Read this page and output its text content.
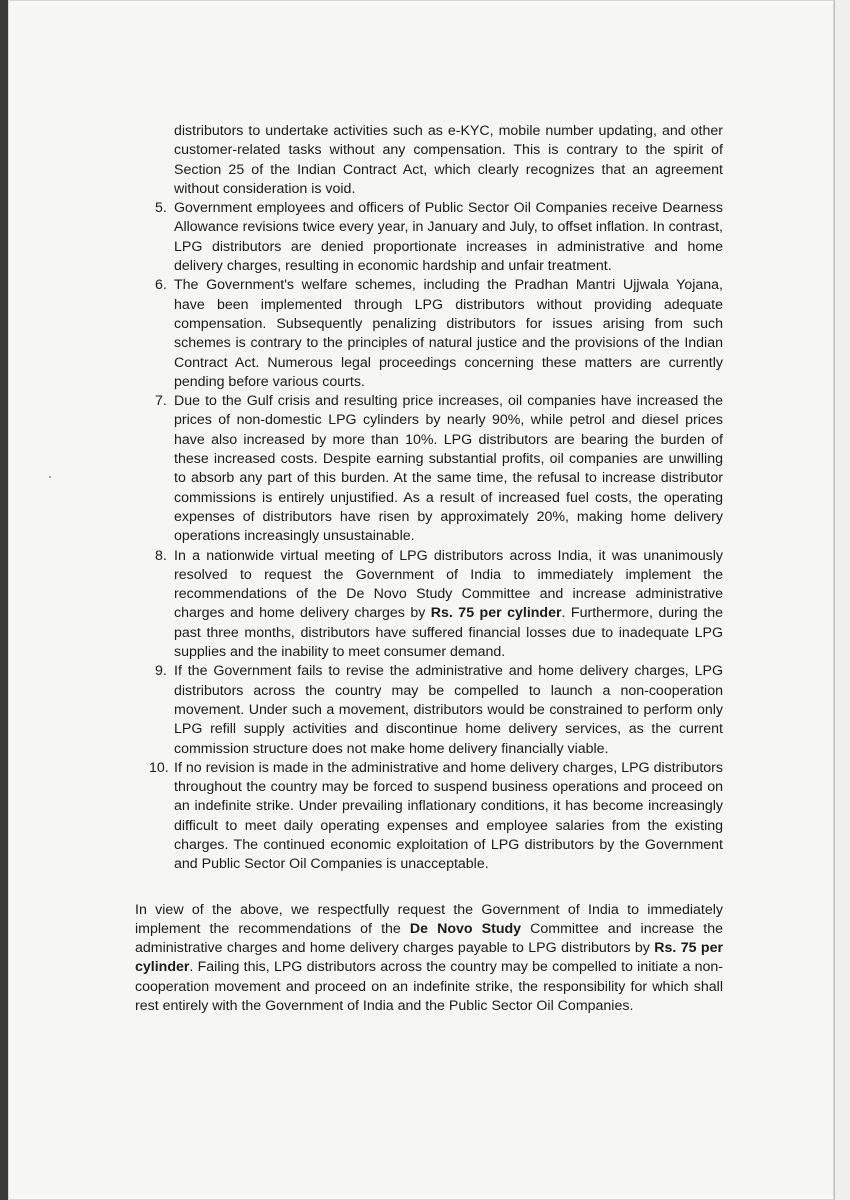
distributors to undertake activities such as e-KYC, mobile number updating, and other customer-related tasks without any compensation. This is contrary to the spirit of Section 25 of the Indian Contract Act, which clearly recognizes that an agreement without consideration is void.

5. Government employees and officers of Public Sector Oil Companies receive Dearness Allowance revisions twice every year, in January and July, to offset inflation. In contrast, LPG distributors are denied proportionate increases in administrative and home delivery charges, resulting in economic hardship and unfair treatment.
6. The Government's welfare schemes, including the Pradhan Mantri Ujjwala Yojana, have been implemented through LPG distributors without providing adequate compensation. Subsequently penalizing distributors for issues arising from such schemes is contrary to the principles of natural justice and the provisions of the Indian Contract Act. Numerous legal proceedings concerning these matters are currently pending before various courts.
7. Due to the Gulf crisis and resulting price increases, oil companies have increased the prices of non-domestic LPG cylinders by nearly 90%, while petrol and diesel prices have also increased by more than 10%. LPG distributors are bearing the burden of these increased costs. Despite earning substantial profits, oil companies are unwilling to absorb any part of this burden. At the same time, the refusal to increase distributor commissions is entirely unjustified. As a result of increased fuel costs, the operating expenses of distributors have risen by approximately 20%, making home delivery operations increasingly unsustainable.
8. In a nationwide virtual meeting of LPG distributors across India, it was unanimously resolved to request the Government of India to immediately implement the recommendations of the De Novo Study Committee and increase administrative charges and home delivery charges by Rs. 75 per cylinder. Furthermore, during the past three months, distributors have suffered financial losses due to inadequate LPG supplies and the inability to meet consumer demand.
9. If the Government fails to revise the administrative and home delivery charges, LPG distributors across the country may be compelled to launch a non-cooperation movement. Under such a movement, distributors would be constrained to perform only LPG refill supply activities and discontinue home delivery services, as the current commission structure does not make home delivery financially viable.
10. If no revision is made in the administrative and home delivery charges, LPG distributors throughout the country may be forced to suspend business operations and proceed on an indefinite strike. Under prevailing inflationary conditions, it has become increasingly difficult to meet daily operating expenses and employee salaries from the existing charges. The continued economic exploitation of LPG distributors by the Government and Public Sector Oil Companies is unacceptable.

In view of the above, we respectfully request the Government of India to immediately implement the recommendations of the De Novo Study Committee and increase the administrative charges and home delivery charges payable to LPG distributors by Rs. 75 per cylinder. Failing this, LPG distributors across the country may be compelled to initiate a non-cooperation movement and proceed on an indefinite strike, the responsibility for which shall rest entirely with the Government of India and the Public Sector Oil Companies.
